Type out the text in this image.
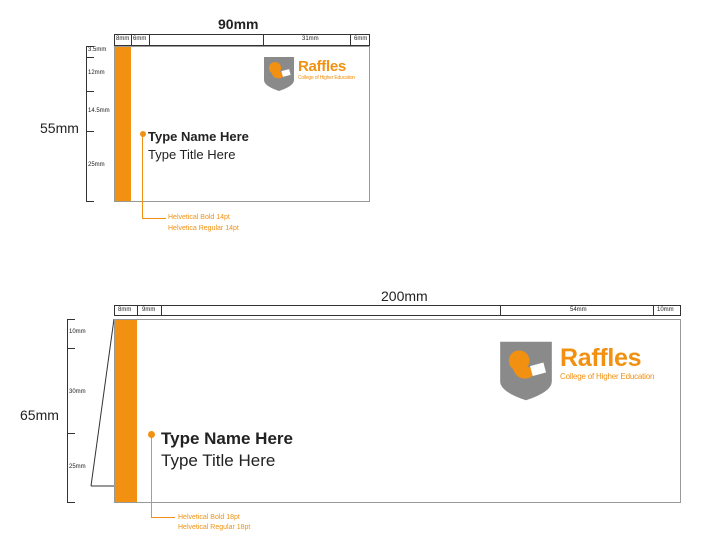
90mm
8mm 6mm	31mm	6mm
3.5mm
12mm
14.5mm
25mm
55mm
Raffles
College of Higher Education
Type Name Here
Type Title Here
Helvetical Bold 14pt
Helvetica Regular 14pt
200mm
8mm 9mm	54mm	10mm
10mm
30mm
25mm
65mm
Raffles
College of Higher Education
Type Name Here
Type Title Here
Helvetical Bold 18pt
Helvetical Regular 18pt
